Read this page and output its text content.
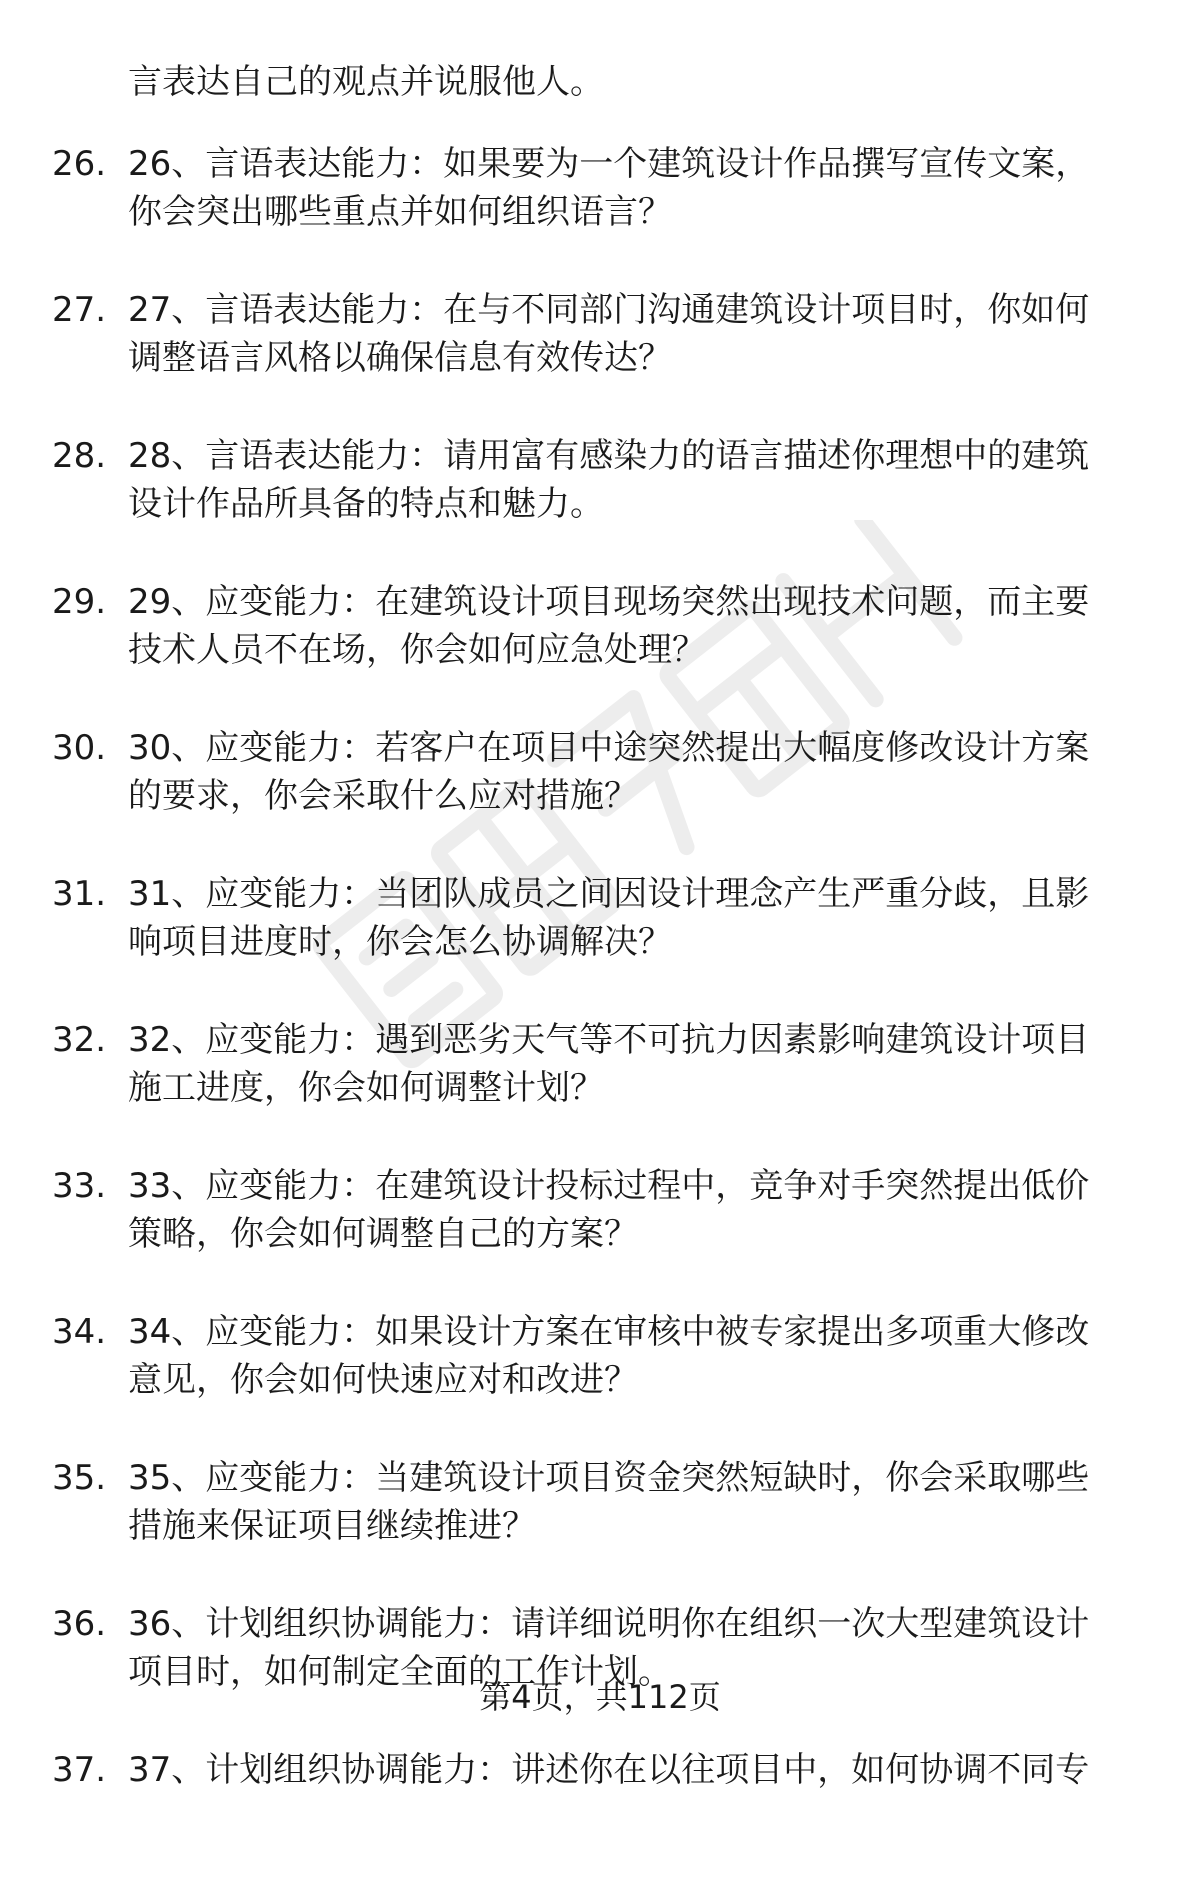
言表达自己的观点并说服他人。
26. 26、言语表达能力：如果要为一个建筑设计作品撰写宣传文案，
你会突出哪些重点并如何组织语言？
27. 27、言语表达能力：在与不同部门沟通建筑设计项目时，你如何
调整语言风格以确保信息有效传达？
28. 28、言语表达能力：请用富有感染力的语言描述你理想中的建筑
设计作品所具备的特点和魅力。
29. 29、应变能力：在建筑设计项目现场突然出现技术问题，而主要
技术人员不在场，你会如何应急处理？
30. 30、应变能力：若客户在项目中途突然提出大幅度修改设计方案
的要求，你会采取什么应对措施？
31. 31、应变能力：当团队成员之间因设计理念产生严重分歧，且影
响项目进度时，你会怎么协调解决？
32. 32、应变能力：遇到恶劣天气等不可抗力因素影响建筑设计项目
施工进度，你会如何调整计划？
33. 33、应变能力：在建筑设计投标过程中，竞争对手突然提出低价
策略，你会如何调整自己的方案？
34. 34、应变能力：如果设计方案在审核中被专家提出多项重大修改
意见，你会如何快速应对和改进？
35. 35、应变能力：当建筑设计项目资金突然短缺时，你会采取哪些
措施来保证项目继续推进？
36. 36、计划组织协调能力：请详细说明你在组织一次大型建筑设计
项目时，如何制定全面的工作计划。
37. 37、计划组织协调能力：讲述你在以往项目中，如何协调不同专
第4页，共112页
